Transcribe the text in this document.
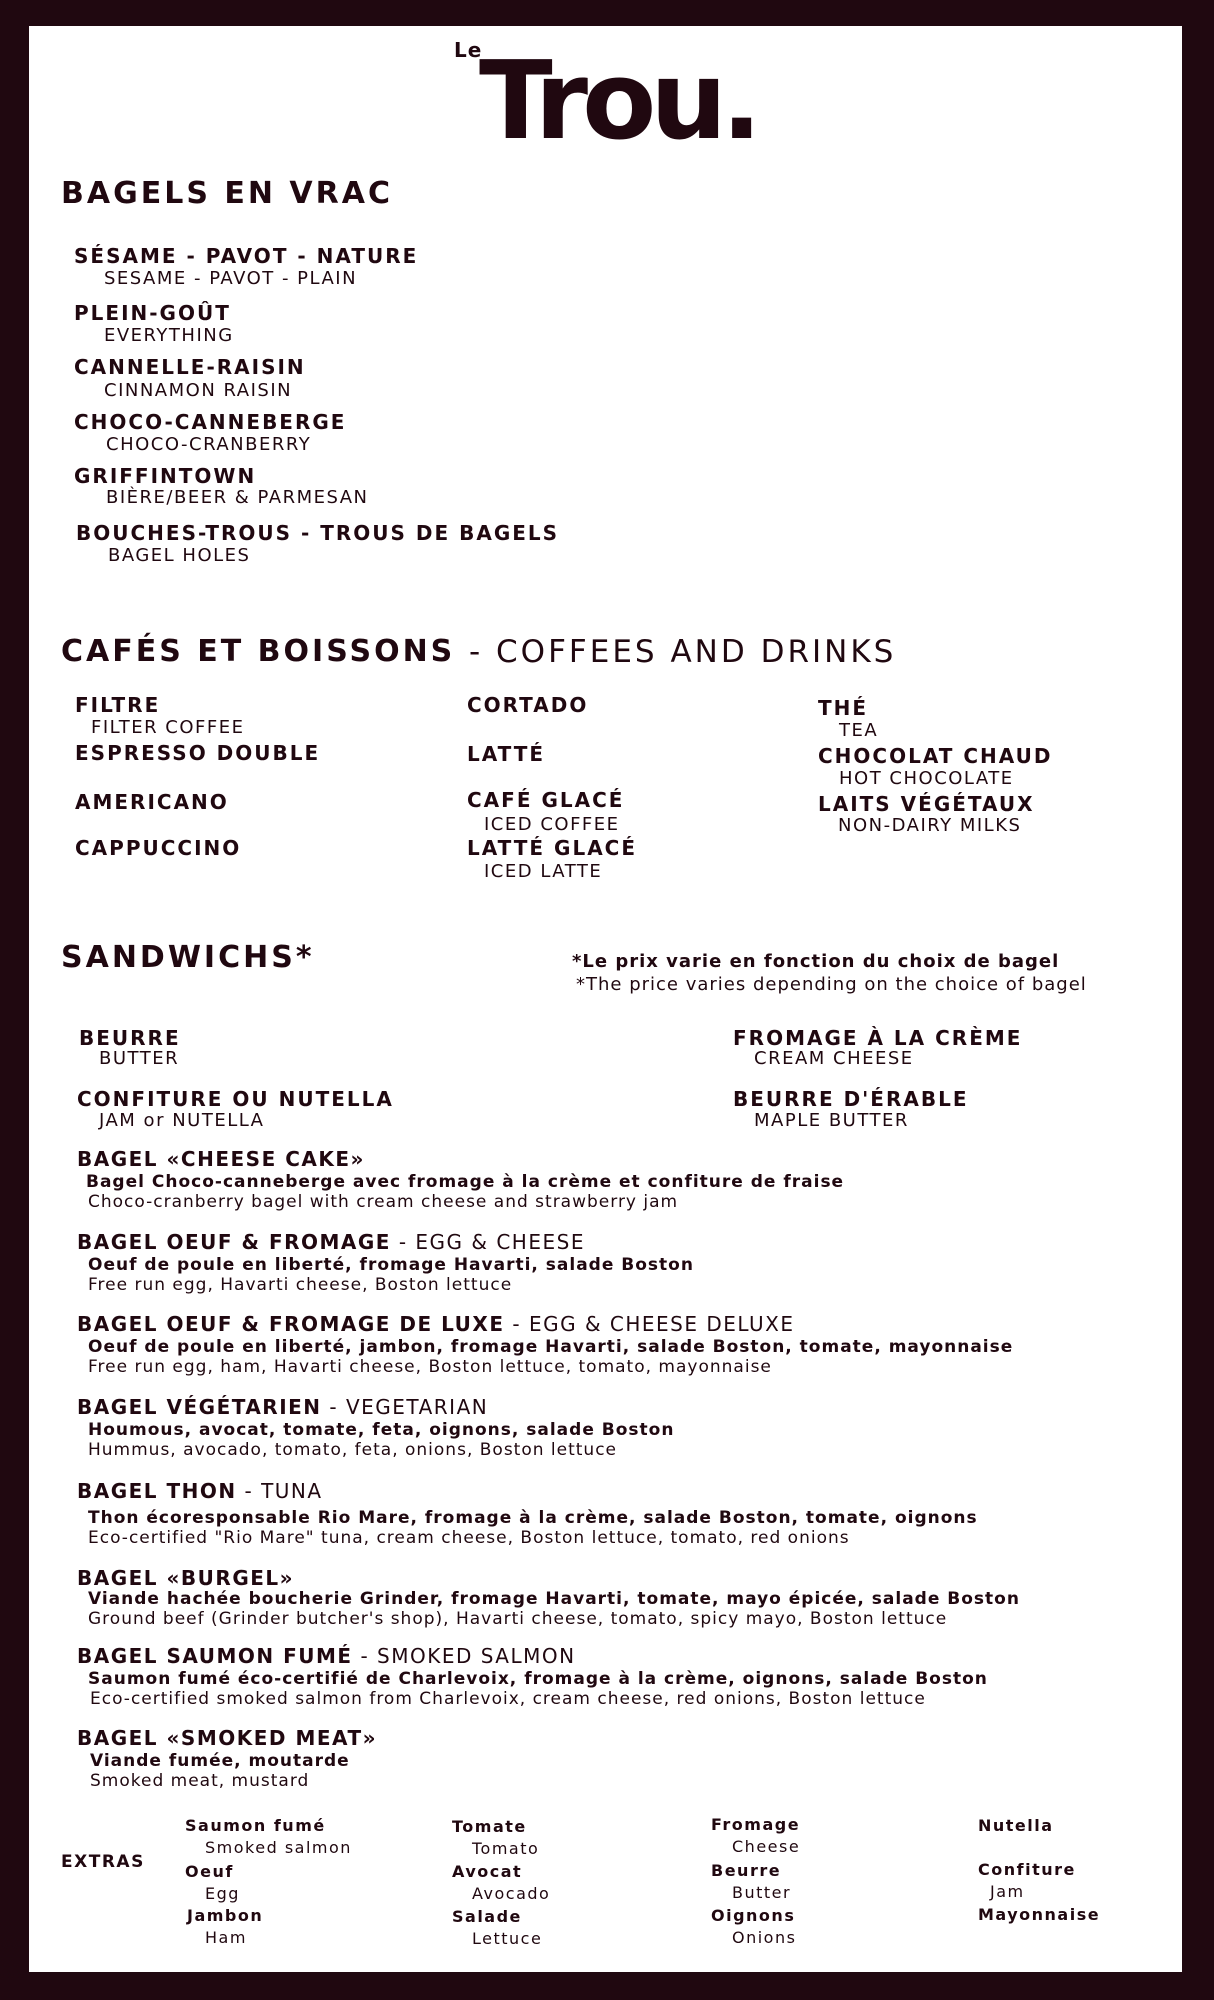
Le
Trou.
BAGELS EN VRAC
SÉSAME - PAVOT - NATURE
SESAME - PAVOT - PLAIN
PLEIN-GOÛT
EVERYTHING
CANNELLE-RAISIN
CINNAMON RAISIN
CHOCO-CANNEBERGE
CHOCO-CRANBERRY
GRIFFINTOWN
BIÈRE/BEER & PARMESAN
BOUCHES-TROUS - TROUS DE BAGELS
BAGEL HOLES
CAFÉS ET BOISSONS - COFFEES AND DRINKS
FILTRE
FILTER COFFEE
ESPRESSO DOUBLE
AMERICANO
CAPPUCCINO
CORTADO
LATTÉ
CAFÉ GLACÉ
ICED COFFEE
LATTÉ GLACÉ
ICED LATTE
THÉ
TEA
CHOCOLAT CHAUD
HOT CHOCOLATE
LAITS VÉGÉTAUX
NON-DAIRY MILKS
SANDWICHS*	*Le prix varie en fonction du choix de bagel
*The price varies depending on the choice of bagel
BEURRE
BUTTER
FROMAGE À LA CRÈME
CREAM CHEESE
CONFITURE OU NUTELLA
JAM or NUTELLA
BEURRE D'ÉRABLE
MAPLE BUTTER
BAGEL «CHEESE CAKE»
Bagel Choco-canneberge avec fromage à la crème et confiture de fraise
Choco-cranberry bagel with cream cheese and strawberry jam
BAGEL OEUF & FROMAGE - EGG & CHEESE
Oeuf de poule en liberté, fromage Havarti, salade Boston
Free run egg, Havarti cheese, Boston lettuce
BAGEL OEUF & FROMAGE DE LUXE - EGG & CHEESE DELUXE
Oeuf de poule en liberté, jambon, fromage Havarti, salade Boston, tomate, mayonnaise
Free run egg, ham, Havarti cheese, Boston lettuce, tomato, mayonnaise
BAGEL VÉGÉTARIEN - VEGETARIAN
Houmous, avocat, tomate, feta, oignons, salade Boston
Hummus, avocado, tomato, feta, onions, Boston lettuce
BAGEL THON - TUNA
Thon écoresponsable Rio Mare, fromage à la crème, salade Boston, tomate, oignons
Eco-certified "Rio Mare" tuna, cream cheese, Boston lettuce, tomato, red onions
BAGEL «BURGEL»
Viande hachée boucherie Grinder, fromage Havarti, tomate, mayo épicée, salade Boston
Ground beef (Grinder butcher's shop), Havarti cheese, tomato, spicy mayo, Boston lettuce
BAGEL SAUMON FUMÉ - SMOKED SALMON
Saumon fumé éco-certifié de Charlevoix, fromage à la crème, oignons, salade Boston
Eco-certified smoked salmon from Charlevoix, cream cheese, red onions, Boston lettuce
BAGEL «SMOKED MEAT»
Viande fumée, moutarde
Smoked meat, mustard
EXTRAS
Saumon fumé
Smoked salmon
Oeuf
Egg
Jambon
Ham
Tomate
Tomato
Avocat
Avocado
Salade
Lettuce
Fromage
Cheese
Beurre
Butter
Oignons
Onions
Nutella
Confiture
Jam
Mayonnaise
